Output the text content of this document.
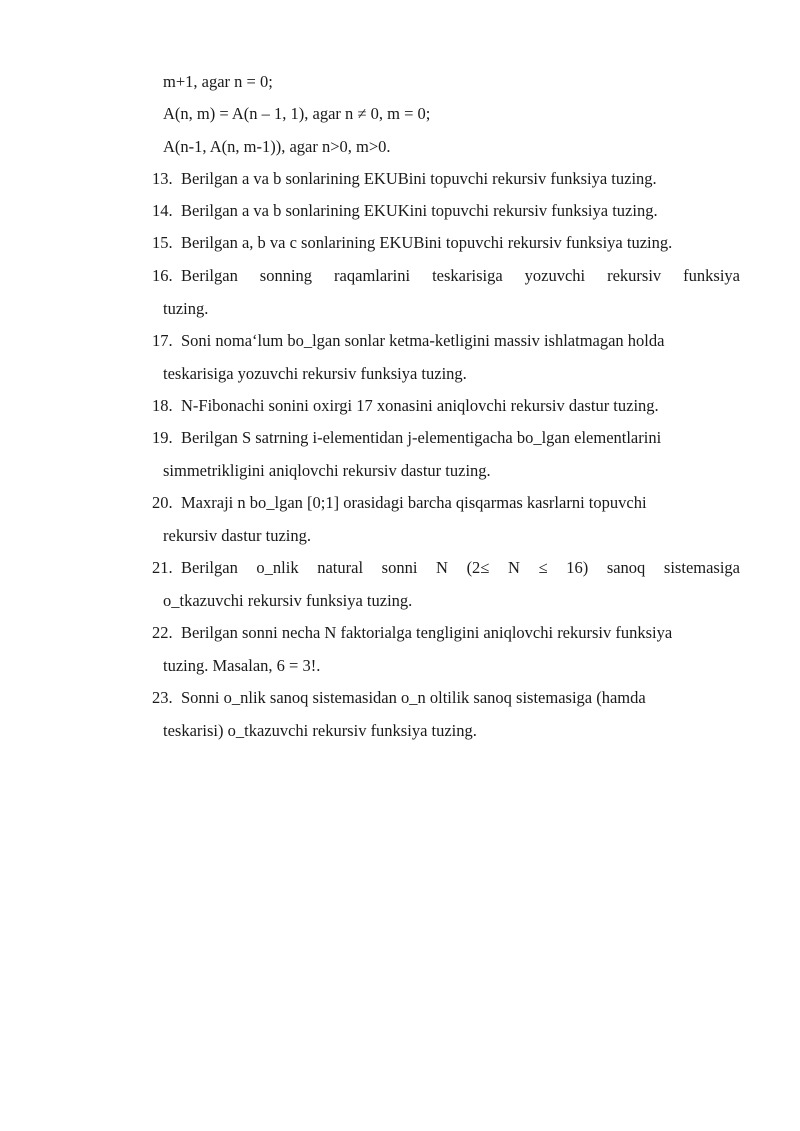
m+1, agar n = 0;
A(n, m) = A(n – 1, 1), agar n ≠ 0, m = 0;
A(n-1, A(n, m-1)), agar n>0, m>0.
13. Berilgan a va b sonlarining EKUBini topuvchi rekursiv funksiya tuzing.
14. Berilgan a va b sonlarining EKUKini topuvchi rekursiv funksiya tuzing.
15. Berilgan a, b va c sonlarining EKUBini topuvchi rekursiv funksiya tuzing.
16. Berilgan sonning raqamlarini teskarisiga yozuvchi rekursiv funksiya
tuzing.
17. Soni noma‘lum bo_lgan sonlar ketma-ketligini massiv ishlatmagan holda
teskarisiga yozuvchi rekursiv funksiya tuzing.
18. N-Fibonachi sonini oxirgi 17 xonasini aniqlovchi rekursiv dastur tuzing.
19. Berilgan S satrning i-elementidan j-elementigacha bo_lgan elementlarini
simmetrikligini aniqlovchi rekursiv dastur tuzing.
20. Maxraji n bo_lgan [0;1] orasidagi barcha qisqarmas kasrlarni topuvchi
rekursiv dastur tuzing.
21. Berilgan o_nlik natural sonni N (2≤ N ≤ 16) sanoq sistemasiga
o_tkazuvchi rekursiv funksiya tuzing.
22. Berilgan sonni necha N faktorialga tengligini aniqlovchi rekursiv funksiya
tuzing. Masalan, 6 = 3!.
23. Sonni o_nlik sanoq sistemasidan o_n oltilik sanoq sistemasiga (hamda
teskarisi) o_tkazuvchi rekursiv funksiya tuzing.
